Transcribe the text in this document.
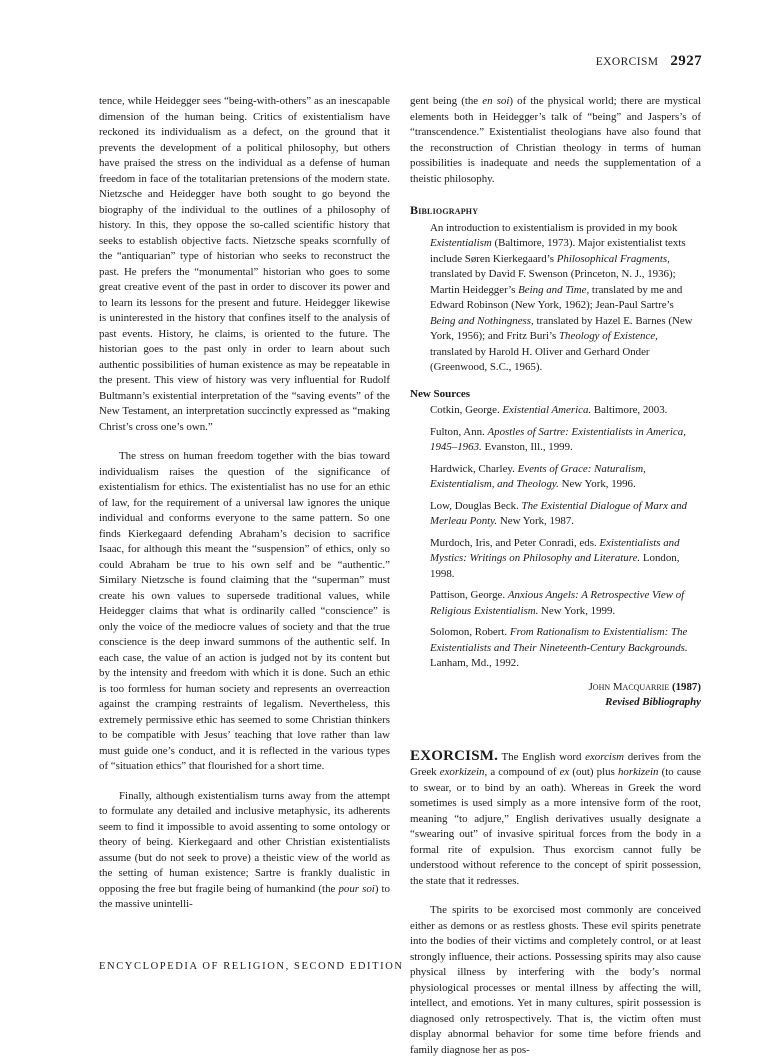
EXORCISM 2927

tence, while Heidegger sees “being-with-others” as an inescapable dimension of the human being. Critics of existentialism have reckoned its individualism as a defect, on the ground that it prevents the development of a political philosophy, but others have praised the stress on the individual as a defense of human freedom in face of the totalitarian pretensions of the modern state. Nietzsche and Heidegger have both sought to go beyond the biography of the individual to the outlines of a philosophy of history. In this, they oppose the so-called scientific history that seeks to establish objective facts. Nietzsche speaks scornfully of the “antiquarian” type of historian who seeks to reconstruct the past. He prefers the “monumental” historian who goes to some great creative event of the past in order to discover its power and to learn its lessons for the present and future. Heidegger likewise is uninterested in the history that confines itself to the analysis of past events. History, he claims, is oriented to the future. The historian goes to the past only in order to learn about such authentic possibilities of human existence as may be repeatable in the present. This view of history was very influential for Rudolf Bultmann’s existential interpretation of the “saving events” of the New Testament, an interpretation succinctly expressed as “making Christ’s cross one’s own.”

The stress on human freedom together with the bias toward individualism raises the question of the significance of existentialism for ethics. The existentialist has no use for an ethic of law, for the requirement of a universal law ignores the unique individual and conforms everyone to the same pattern. So one finds Kierkegaard defending Abraham’s decision to sacrifice Isaac, for although this meant the “suspension” of ethics, only so could Abraham be true to his own self and be “authentic.” Similary Nietzsche is found claiming that the “superman” must create his own values to supersede traditional values, while Heidegger claims that what is ordinarily called “conscience” is only the voice of the mediocre values of society and that the true conscience is the deep inward summons of the authentic self. In each case, the value of an action is judged not by its content but by the intensity and freedom with which it is done. Such an ethic is too formless for human society and represents an overreaction against the cramping restraints of legalism. Nevertheless, this extremely permissive ethic has seemed to some Christian thinkers to be compatible with Jesus’ teaching that love rather than law must guide one’s conduct, and it is reflected in the various types of “situation ethics” that flourished for a short time.

Finally, although existentialism turns away from the attempt to formulate any detailed and inclusive metaphysic, its adherents seem to find it impossible to avoid assenting to some ontology or theory of being. Kierkegaard and other Christian existentialists assume (but do not seek to prove) a theistic view of the world as the setting of human existence; Sartre is frankly dualistic in opposing the free but fragile being of humankind (the pour soi) to the massive unintelli-

gent being (the en soi) of the physical world; there are mystical elements both in Heidegger’s talk of “being” and Jaspers’s of “transcendence.” Existentialist theologians have also found that the reconstruction of Christian theology in terms of human possibilities is inadequate and needs the supplementation of a theistic philosophy.

Bibliography

An introduction to existentialism is provided in my book Existentialism (Baltimore, 1973). Major existentialist texts include Søren Kierkegaard’s Philosophical Fragments, translated by David F. Swenson (Princeton, N. J., 1936); Martin Heidegger’s Being and Time, translated by me and Edward Robinson (New York, 1962); Jean-Paul Sartre’s Being and Nothingness, translated by Hazel E. Barnes (New York, 1956); and Fritz Buri’s Theology of Existence, translated by Harold H. Oliver and Gerhard Onder (Greenwood, S.C., 1965).

New Sources

Cotkin, George. Existential America. Baltimore, 2003.

Fulton, Ann. Apostles of Sartre: Existentialists in America, 1945–1963. Evanston, Ill., 1999.

Hardwick, Charley. Events of Grace: Naturalism, Existentialism, and Theology. New York, 1996.

Low, Douglas Beck. The Existential Dialogue of Marx and Merleau Ponty. New York, 1987.

Murdoch, Iris, and Peter Conradi, eds. Existentialists and Mystics: Writings on Philosophy and Literature. London, 1998.

Pattison, George. Anxious Angels: A Retrospective View of Religious Existentialism. New York, 1999.

Solomon, Robert. From Rationalism to Existentialism: The Existentialists and Their Nineteenth-Century Backgrounds. Lanham, Md., 1992.

John Macquarrie (1987)
Revised Bibliography

EXORCISM. The English word exorcism derives from the Greek exorkizein, a compound of ex (out) plus horkizein (to cause to swear, or to bind by an oath). Whereas in Greek the word sometimes is used simply as a more intensive form of the root, meaning “to adjure,” English derivatives usually designate a “swearing out” of invasive spiritual forces from the body in a formal rite of expulsion. Thus exorcism cannot fully be understood without reference to the concept of spirit possession, the state that it redresses.

The spirits to be exorcised most commonly are conceived either as demons or as restless ghosts. These evil spirits penetrate into the bodies of their victims and completely control, or at least strongly influence, their actions. Possessing spirits may also cause physical illness by interfering with the body’s normal physiological processes or mental illness by affecting the will, intellect, and emotions. Yet in many cultures, spirit possession is diagnosed only retrospectively. That is, the victim often must display abnormal behavior for some time before friends and family diagnose her as pos-

ENCYCLOPEDIA OF RELIGION, SECOND EDITION
